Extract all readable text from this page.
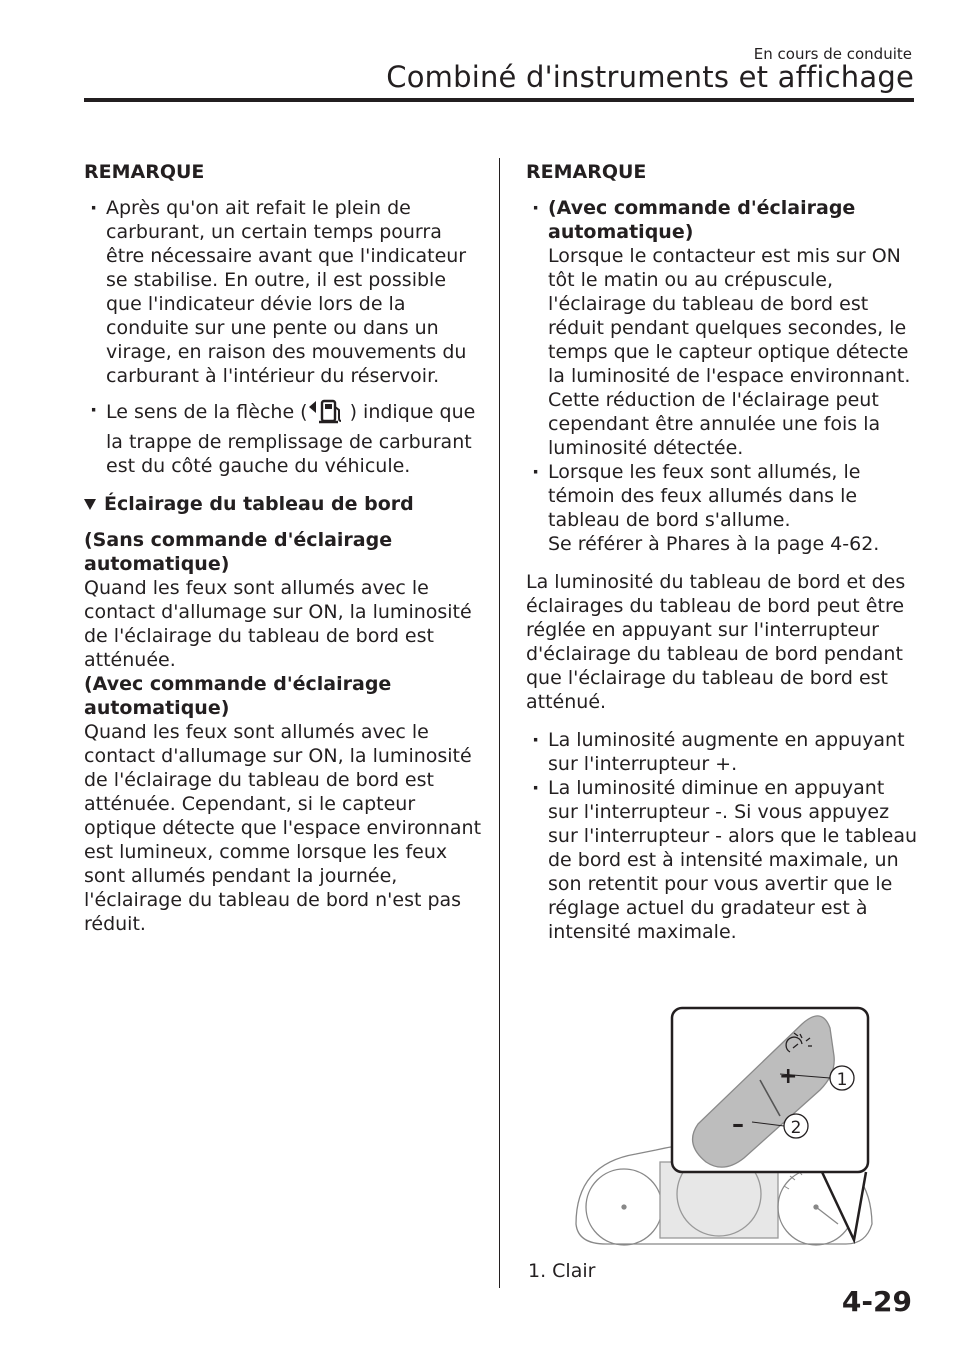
En cours de conduite
Combiné d'instruments et affichage
REMARQUE
· Après qu'on ait refait le plein de carburant, un certain temps pourra être nécessaire avant que l'indicateur se stabilise. En outre, il est possible que l'indicateur dévie lors de la conduite sur une pente ou dans un virage, en raison des mouvements du carburant à l'intérieur du réservoir.
· Le sens de la flèche ( ) indique que la trappe de remplissage de carburant est du côté gauche du véhicule.
Éclairage du tableau de bord

(Sans commande d'éclairage automatique)

Quand les feux sont allumés avec le contact d'allumage sur ON, la luminosité de l'éclairage du tableau de bord est atténuée.

(Avec commande d'éclairage automatique)

Quand les feux sont allumés avec le contact d'allumage sur ON, la luminosité de l'éclairage du tableau de bord est atténuée. Cependant, si le capteur optique détecte que l'espace environnant est lumineux, comme lorsque les feux sont allumés pendant la journée, l'éclairage du tableau de bord n'est pas réduit.

REMARQUE
· (Avec commande d'éclairage automatique)
Lorsque le contacteur est mis sur ON tôt le matin ou au crépuscule, l'éclairage du tableau de bord est réduit pendant quelques secondes, le temps que le capteur optique détecte la luminosité de l'espace environnant. Cette réduction de l'éclairage peut cependant être annulée une fois la luminosité détectée.
· Lorsque les feux sont allumés, le témoin des feux allumés dans le tableau de bord s'allume.
Se référer à Phares à la page 4-62.

La luminosité du tableau de bord et des éclairages du tableau de bord peut être réglée en appuyant sur l'interrupteur d'éclairage du tableau de bord pendant que l'éclairage du tableau de bord est atténué.

· La luminosité augmente en appuyant sur l'interrupteur +.
· La luminosité diminue en appuyant sur l'interrupteur -. Si vous appuyez sur l'interrupteur - alors que le tableau de bord est à intensité maximale, un son retentit pour vous avertir que le réglage actuel du gradateur est à intensité maximale.
+
–
1
2
1. Clair
4-29
